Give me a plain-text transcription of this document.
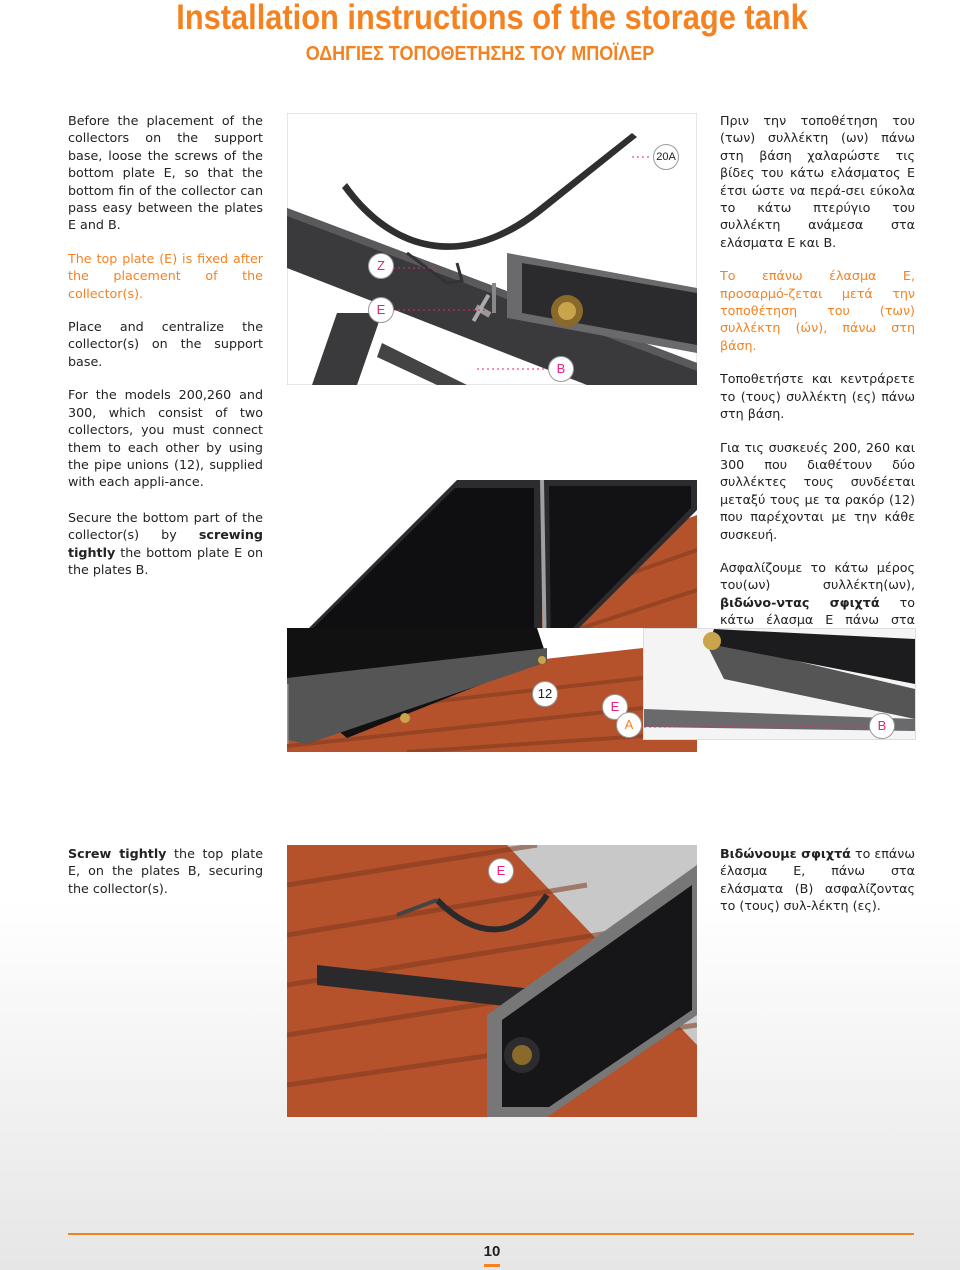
Installation instructions of the storage tank
ΟΔΗΓΙΕΣ ΤΟΠΟΘΕΤΗΣΗΣ ΤΟΥ ΜΠΟΪΛΕΡ

Before the placement of the collectors on the support base, loose the screws of the bottom plate E, so that the bottom fin of the collector can pass easy between the plates E and B.

The top plate (E) is fixed after the placement of the collector(s).

Place and centralize the collector(s) on the support base.

For the models 200,260 and 300, which consist of two collectors, you must connect them to each other by using the pipe unions (12), supplied with each appli-ance.

Secure the bottom part of the collector(s) by screwing tightly the bottom plate E on the plates B.

Πριν την τοποθέτηση του (των) συλλέκτη (ων) πάνω στη βάση χαλαρώστε τις βίδες του κάτω ελάσματος Ε έτσι ώστε να περά-σει εύκολα το κάτω πτερύγιο του συλλέκτη ανάμεσα στα ελάσματα Ε και Β.

Το επάνω έλασμα Ε, προσαρμό-ζεται μετά την τοποθέτηση του (των) συλλέκτη (ών), πάνω στη βάση.

Τοποθετήστε και κεντράρετε το (τους) συλλέκτη (ες) πάνω στη βάση.

Για τις συσκευές 200, 260 και 300 που διαθέτουν δύο συλλέκτες τους συνδέεται μεταξύ τους με τα ρακόρ (12) που παρέχονται με την κάθε συσκευή.

Ασφαλίζουμε το κάτω μέρος του(ων) συλλέκτη(ων), βιδώνο-ντας σφιχτά το κάτω έλασμα Ε πάνω στα

Z
E
20A
B
12
E
A	B

Screw tightly the top plate E, on the plates B, securing the collector(s).

Βιδώνουμε σφιχτά το επάνω έλασμα Ε, πάνω στα ελάσματα (Β) ασφαλίζοντας το (τους) συλ-λέκτη (ες).

E
10
